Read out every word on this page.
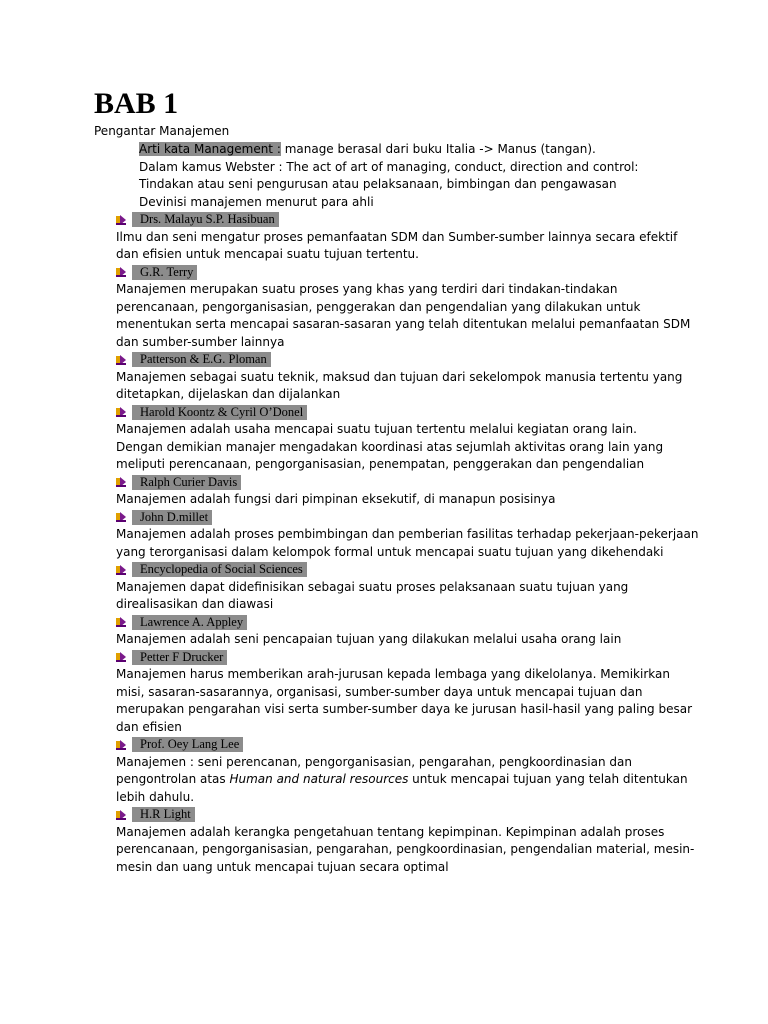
BAB 1
Pengantar Manajemen
Arti kata Management : manage berasal dari buku Italia -> Manus (tangan).
Dalam kamus Webster : The act of art of managing, conduct, direction and control:
Tindakan atau seni pengurusan atau pelaksanaan, bimbingan dan pengawasan
Devinisi manajemen menurut para ahli
Drs. Malayu S.P. Hasibuan
Ilmu dan seni mengatur proses pemanfaatan SDM dan Sumber-sumber lainnya secara efektif
dan efisien untuk mencapai suatu tujuan tertentu.
G.R. Terry
Manajemen merupakan suatu proses yang khas yang terdiri dari tindakan-tindakan
perencanaan, pengorganisasian, penggerakan dan pengendalian yang dilakukan untuk
menentukan serta mencapai sasaran-sasaran yang telah ditentukan melalui pemanfaatan SDM
dan sumber-sumber lainnya
Patterson & E.G. Ploman
Manajemen sebagai suatu teknik, maksud dan tujuan dari sekelompok manusia tertentu yang
ditetapkan, dijelaskan dan dijalankan
Harold Koontz & Cyril O’Donel
Manajemen adalah usaha mencapai suatu tujuan tertentu melalui kegiatan orang lain.
Dengan demikian manajer mengadakan koordinasi atas sejumlah aktivitas orang lain yang
meliputi perencanaan, pengorganisasian, penempatan, penggerakan dan pengendalian
Ralph Curier Davis
Manajemen adalah fungsi dari pimpinan eksekutif, di manapun posisinya
John D.millet
Manajemen adalah proses pembimbingan dan pemberian fasilitas terhadap pekerjaan-pekerjaan
yang terorganisasi dalam kelompok formal untuk mencapai suatu tujuan yang dikehendaki
Encyclopedia of Social Sciences
Manajemen dapat didefinisikan sebagai suatu proses pelaksanaan suatu tujuan yang
direalisasikan dan diawasi
Lawrence A. Appley
Manajemen adalah seni pencapaian tujuan yang dilakukan melalui usaha orang lain
Petter F Drucker
Manajemen harus memberikan arah-jurusan kepada lembaga yang dikelolanya. Memikirkan
misi, sasaran-sasarannya, organisasi, sumber-sumber daya untuk mencapai tujuan dan
merupakan pengarahan visi serta sumber-sumber daya ke jurusan hasil-hasil yang paling besar
dan efisien
Prof. Oey Lang Lee
Manajemen : seni perencanan, pengorganisasian, pengarahan, pengkoordinasian dan
pengontrolan atas Human and natural resources untuk mencapai tujuan yang telah ditentukan
lebih dahulu.
H.R Light
Manajemen adalah kerangka pengetahuan tentang kepimpinan. Kepimpinan adalah proses
perencanaan, pengorganisasian, pengarahan, pengkoordinasian, pengendalian material, mesin-
mesin dan uang untuk mencapai tujuan secara optimal
